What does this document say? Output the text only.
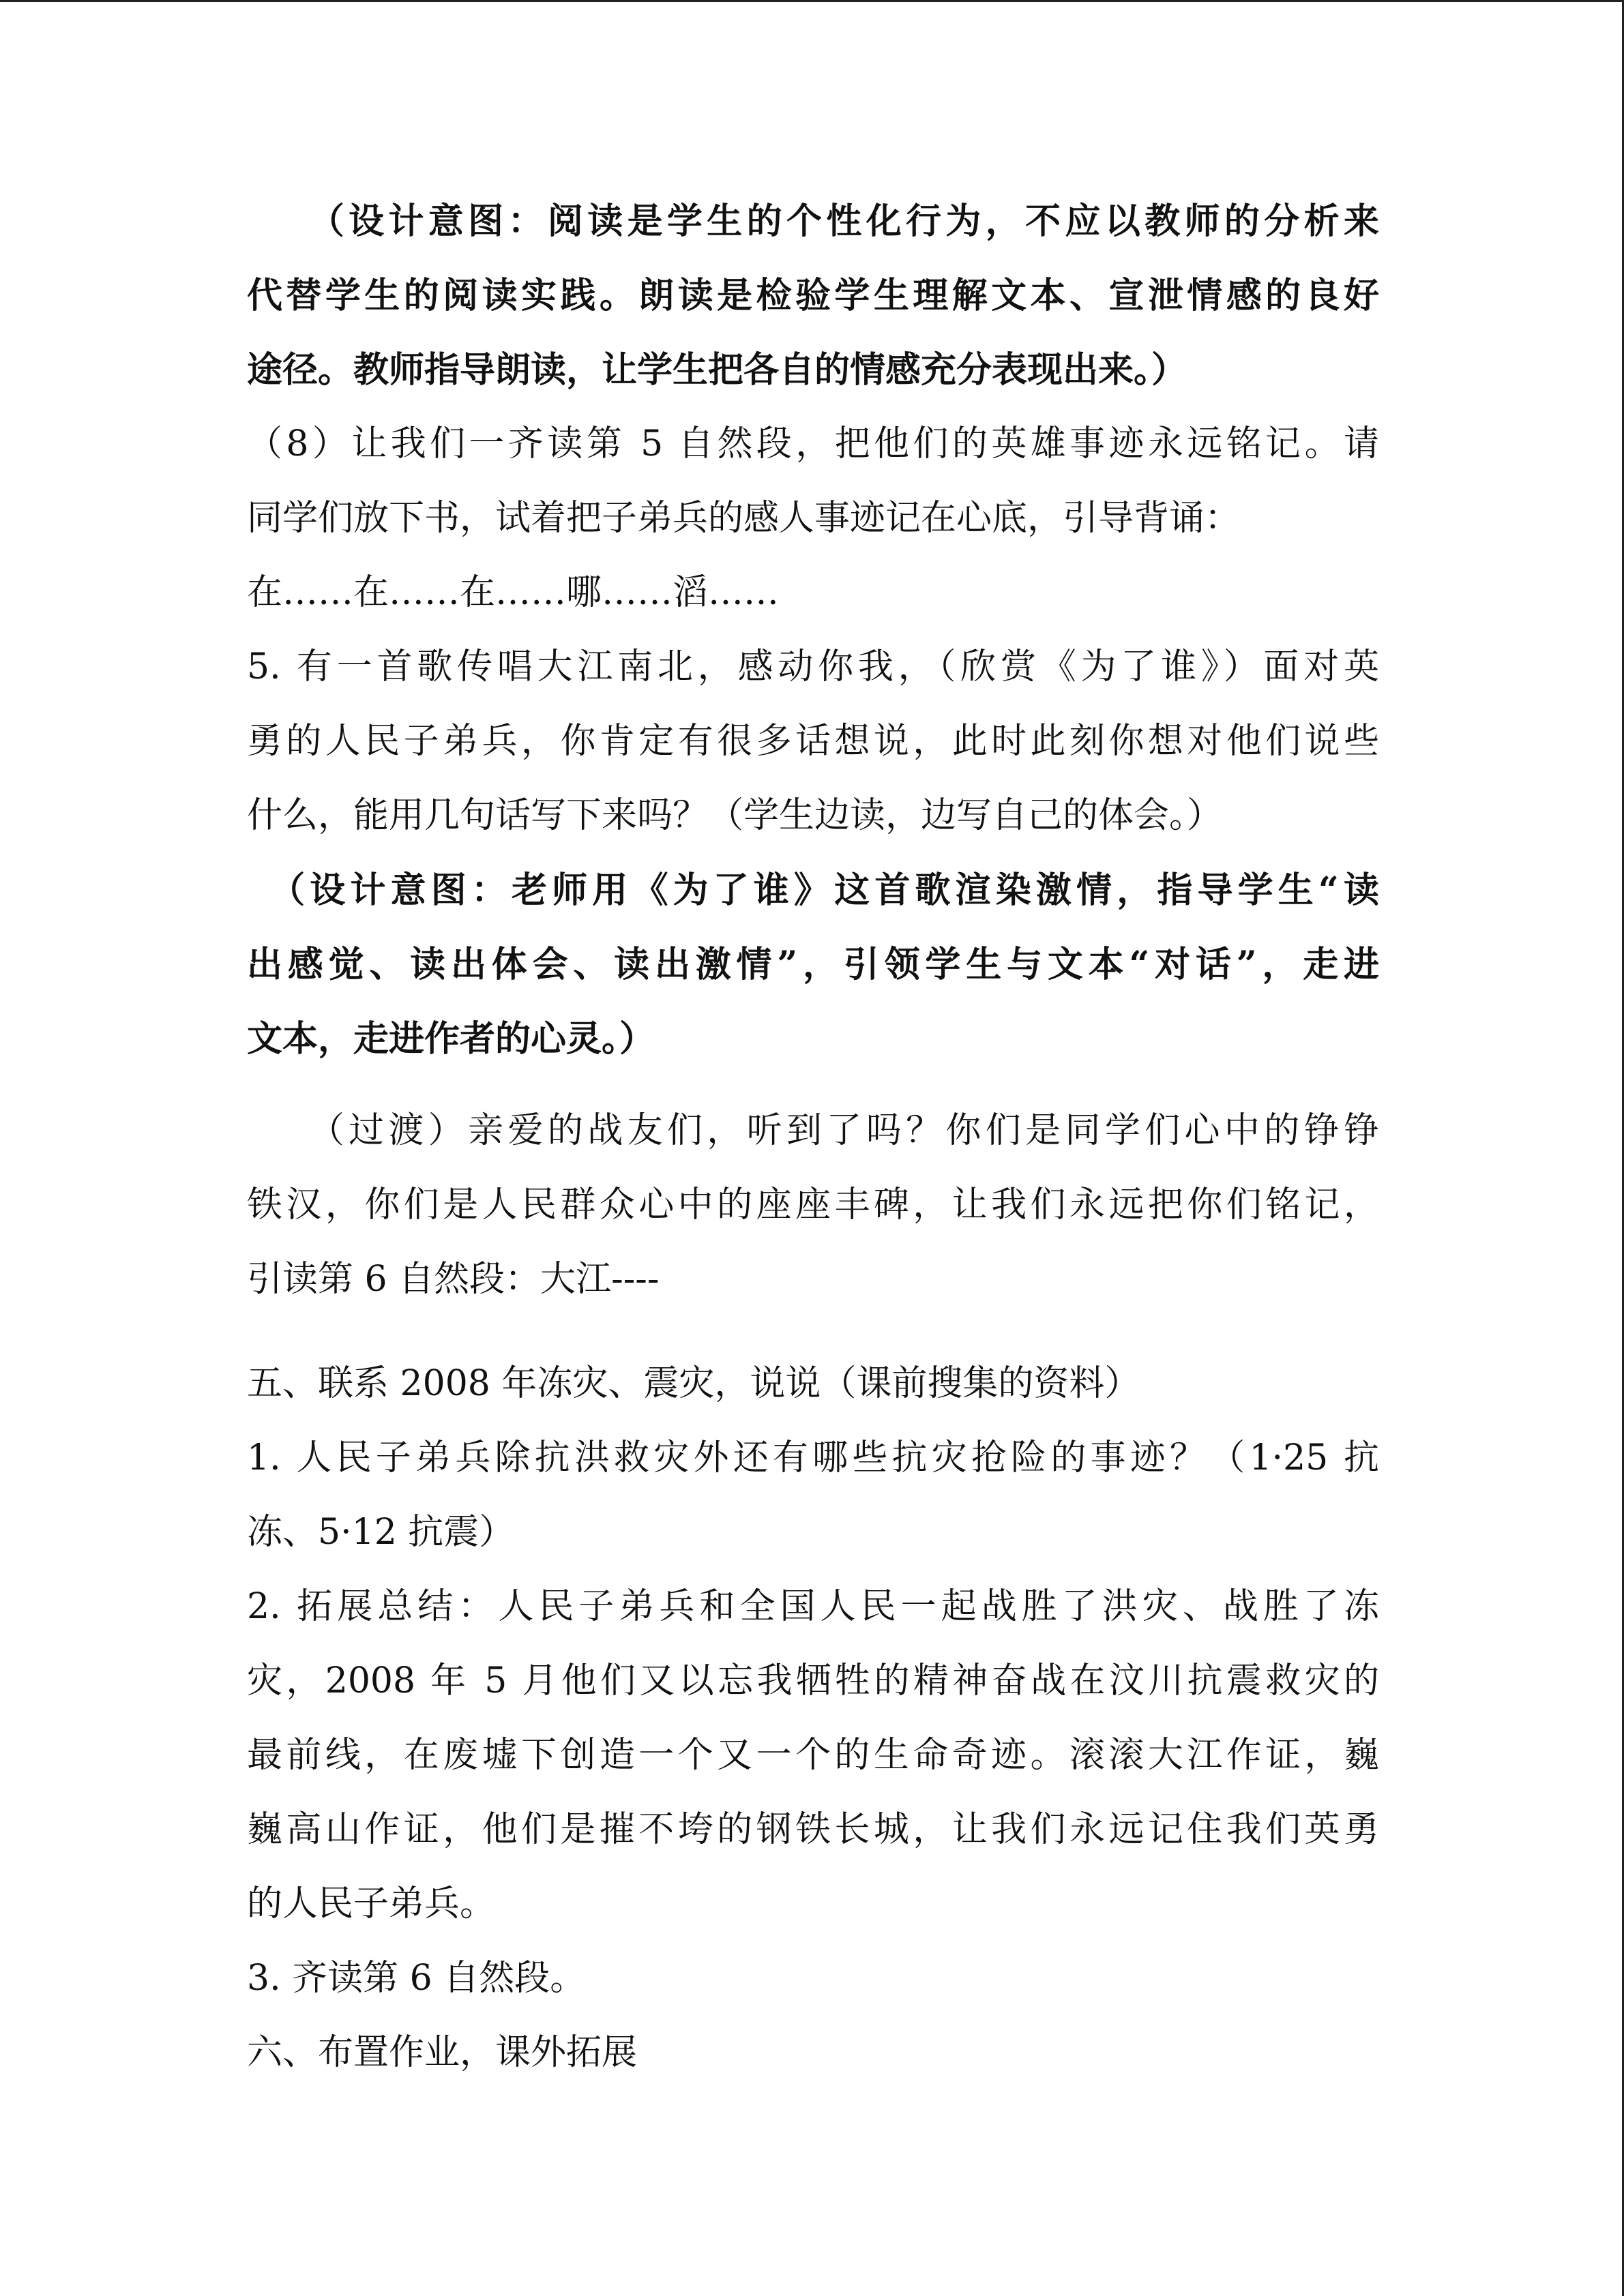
　　（设计意图：阅读是学生的个性化行为，不应以教师的分析来
代替学生的阅读实践。朗读是检验学生理解文本、宣泄情感的良好
途径。教师指导朗读，让学生把各自的情感充分表现出来。）
（8）让我们一齐读第 5 自然段，把他们的英雄事迹永远铭记。请
同学们放下书，试着把子弟兵的感人事迹记在心底，引导背诵：
在……在……在……哪……滔……
5. 有一首歌传唱大江南北，感动你我，（欣赏《为了谁》）面对英
勇的人民子弟兵，你肯定有很多话想说，此时此刻你想对他们说些
什么，能用几句话写下来吗？（学生边读，边写自己的体会。）
　（设计意图：老师用《为了谁》这首歌渲染激情，指导学生“读
出感觉、读出体会、读出激情”，引领学生与文本“对话”，走进
文本，走进作者的心灵。）
　　（过渡）亲爱的战友们，听到了吗？你们是同学们心中的铮铮
铁汉，你们是人民群众心中的座座丰碑，让我们永远把你们铭记，
引读第 6 自然段：大江----
五、联系 2008 年冻灾、震灾，说说（课前搜集的资料）
1. 人民子弟兵除抗洪救灾外还有哪些抗灾抢险的事迹？（1·25 抗
冻、5·12 抗震）
2. 拓展总结：人民子弟兵和全国人民一起战胜了洪灾、战胜了冻
灾，2008 年 5 月他们又以忘我牺牲的精神奋战在汶川抗震救灾的
最前线，在废墟下创造一个又一个的生命奇迹。滚滚大江作证，巍
巍高山作证，他们是摧不垮的钢铁长城，让我们永远记住我们英勇
的人民子弟兵。
3. 齐读第 6 自然段。
六、布置作业，课外拓展
